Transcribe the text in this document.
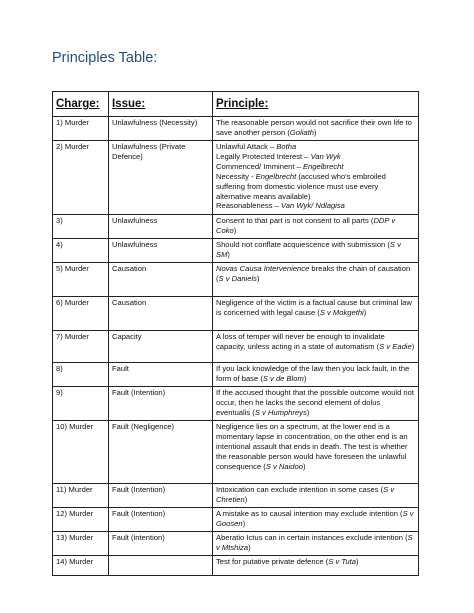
Principles Table:
Charge:	Issue:	Principle:
1) Murder	Unlawfulness (Necessity)	The reasonable person would not sacrifice their own life to save another person (Goliath)
2) Murder	Unlawfulness (Private Defence)	Unlawful Attack – Botha
Legally Protected Interest – Van Wyk
Commenced/ Imminent – Engelbrecht
Necessity - Engelbrecht (accused who's embroiled suffering from domestic violence must use every alternative means available)
Reasonableness – Van Wyk/ Ndlagisa

3)	Unlawfulness	Consent to that part is not consent to all parts (DDP v Coko)
4)	Unlawfulness	Should not conflate acquiescence with submission (S v SM)
5) Murder	Causation	Novas Causa Intervenience breaks the chain of causation (S v Daniels)
6) Murder	Causation	Negligence of the victim is a factual cause but criminal law is concerned with legal cause (S v Mokgethi)
7) Murder	Capacity	A loss of temper will never be enough to invalidate capacity, unless acting in a state of automatism (S v Eadie)
8)	Fault	If you lack knowledge of the law then you lack fault, in the form of base (S v de Blom)
9)	Fault (Intention)	If the accused thought that the possible outcome would not occur, then he lacks the second element of dolus eventualis (S v Humphreys)
10) Murder	Fault (Negligence)	Negligence lies on a spectrum, at the lower end is a momentary lapse in concentration, on the other end is an intentional assault that ends in death. The test is whether the reasonable person would have foreseen the unlawful consequence (S v Naidoo)
11) Murder	Fault (Intention)	Intoxication can exclude intention in some cases (S v Chretien)
12) Murder	Fault (Intention)	A mistake as to causal intention may exclude intention (S v Goosen)
13) Murder	Fault (intention)	Aberatio Ictus can in certain instances exclude intention (S v Mtshiza)
14) Murder		Test for putative private defence (S v Tuta)
